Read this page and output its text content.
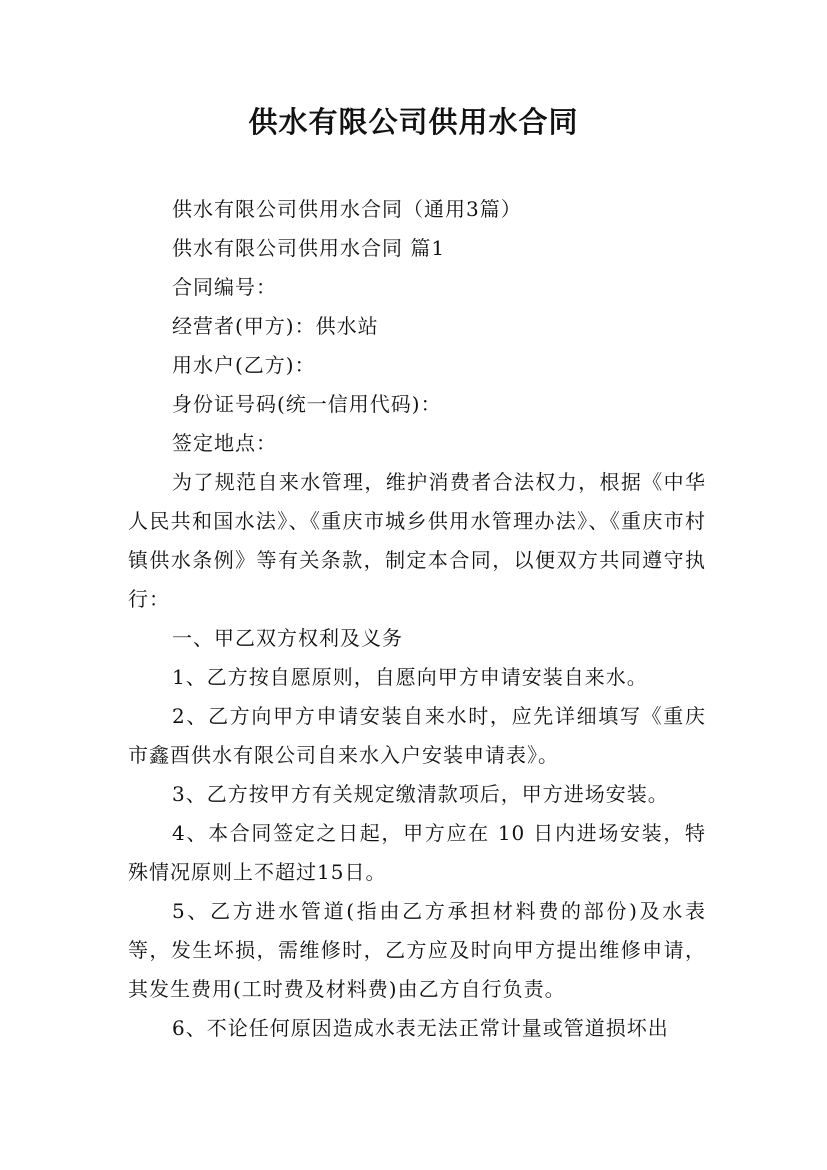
供水有限公司供用水合同

供水有限公司供用水合同（通用3篇）

供水有限公司供用水合同 篇1

合同编号：

经营者(甲方)：供水站

用水户(乙方)：

身份证号码(统一信用代码)：

签定地点：

为了规范自来水管理，维护消费者合法权力，根据《中华人民共和国水法》、《重庆市城乡供用水管理办法》、《重庆市村镇供水条例》等有关条款，制定本合同，以便双方共同遵守执行：

一、甲乙双方权利及义务

1、乙方按自愿原则，自愿向甲方申请安装自来水。

2、乙方向甲方申请安装自来水时，应先详细填写《重庆市鑫酉供水有限公司自来水入户安装申请表》。

3、乙方按甲方有关规定缴清款项后，甲方进场安装。

4、本合同签定之日起，甲方应在 10 日内进场安装，特殊情况原则上不超过15日。

5、乙方进水管道(指由乙方承担材料费的部份)及水表等，发生坏损，需维修时，乙方应及时向甲方提出维修申请，其发生费用(工时费及材料费)由乙方自行负责。

6、不论任何原因造成水表无法正常计量或管道损坏出
